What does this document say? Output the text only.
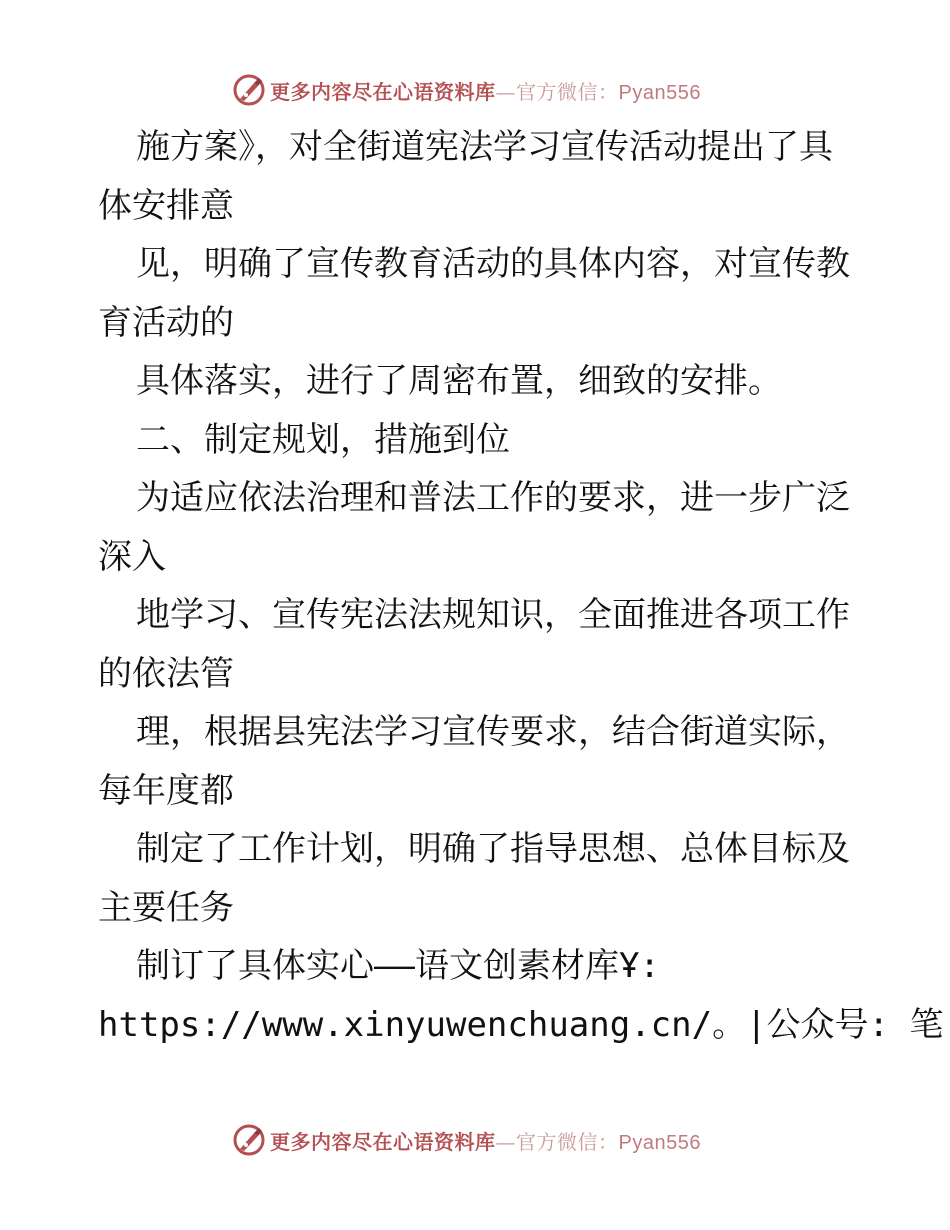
更多内容尽在心语资料库—官方微信：Pyan556
施方案》，对全街道宪法学习宣传活动提出了具
体安排意
见，明确了宣传教育活动的具体内容，对宣传教
育活动的
具体落实，进行了周密布置，细致的安排。
二、制定规划，措施到位
为适应依法治理和普法工作的要求，进一步广泛
深入
地学习、宣传宪法法规知识，全面推进各项工作
的依法管
理，根据县宪法学习宣传要求，结合街道实际，
每年度都
制定了工作计划，明确了指导思想、总体目标及
主要任务
制订了具体实心——语文创素材库Ұ:
https://www.xinyuwenchuang.cn/。|公众号: 笔
更多内容尽在心语资料库—官方微信：Pyan556
